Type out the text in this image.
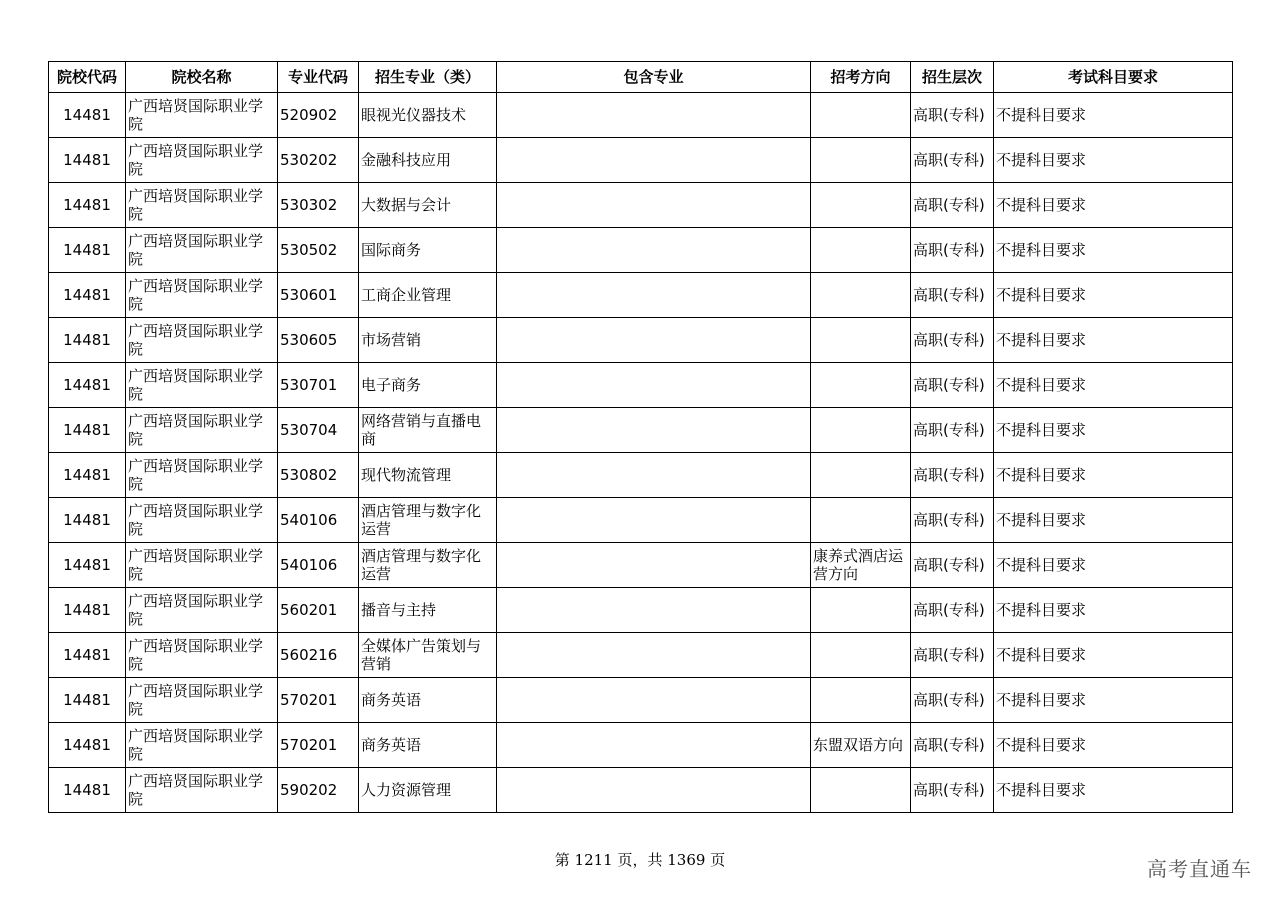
院校代码	院校名称	专业代码	招生专业（类）	包含专业	招考方向	招生层次	考试科目要求
14481	广西培贤国际职业学院	520902	眼视光仪器技术			高职(专科)	不提科目要求
14481	广西培贤国际职业学院	530202	金融科技应用			高职(专科)	不提科目要求
14481	广西培贤国际职业学院	530302	大数据与会计			高职(专科)	不提科目要求
14481	广西培贤国际职业学院	530502	国际商务			高职(专科)	不提科目要求
14481	广西培贤国际职业学院	530601	工商企业管理			高职(专科)	不提科目要求
14481	广西培贤国际职业学院	530605	市场营销			高职(专科)	不提科目要求
14481	广西培贤国际职业学院	530701	电子商务			高职(专科)	不提科目要求
14481	广西培贤国际职业学院	530704	网络营销与直播电商			高职(专科)	不提科目要求
14481	广西培贤国际职业学院	530802	现代物流管理			高职(专科)	不提科目要求
14481	广西培贤国际职业学院	540106	酒店管理与数字化运营			高职(专科)	不提科目要求
14481	广西培贤国际职业学院	540106	酒店管理与数字化运营		康养式酒店运营方向	高职(专科)	不提科目要求
14481	广西培贤国际职业学院	560201	播音与主持			高职(专科)	不提科目要求
14481	广西培贤国际职业学院	560216	全媒体广告策划与营销			高职(专科)	不提科目要求
14481	广西培贤国际职业学院	570201	商务英语			高职(专科)	不提科目要求
14481	广西培贤国际职业学院	570201	商务英语		东盟双语方向	高职(专科)	不提科目要求
14481	广西培贤国际职业学院	590202	人力资源管理			高职(专科)	不提科目要求
第 1211 页，共 1369 页	高考直通车
